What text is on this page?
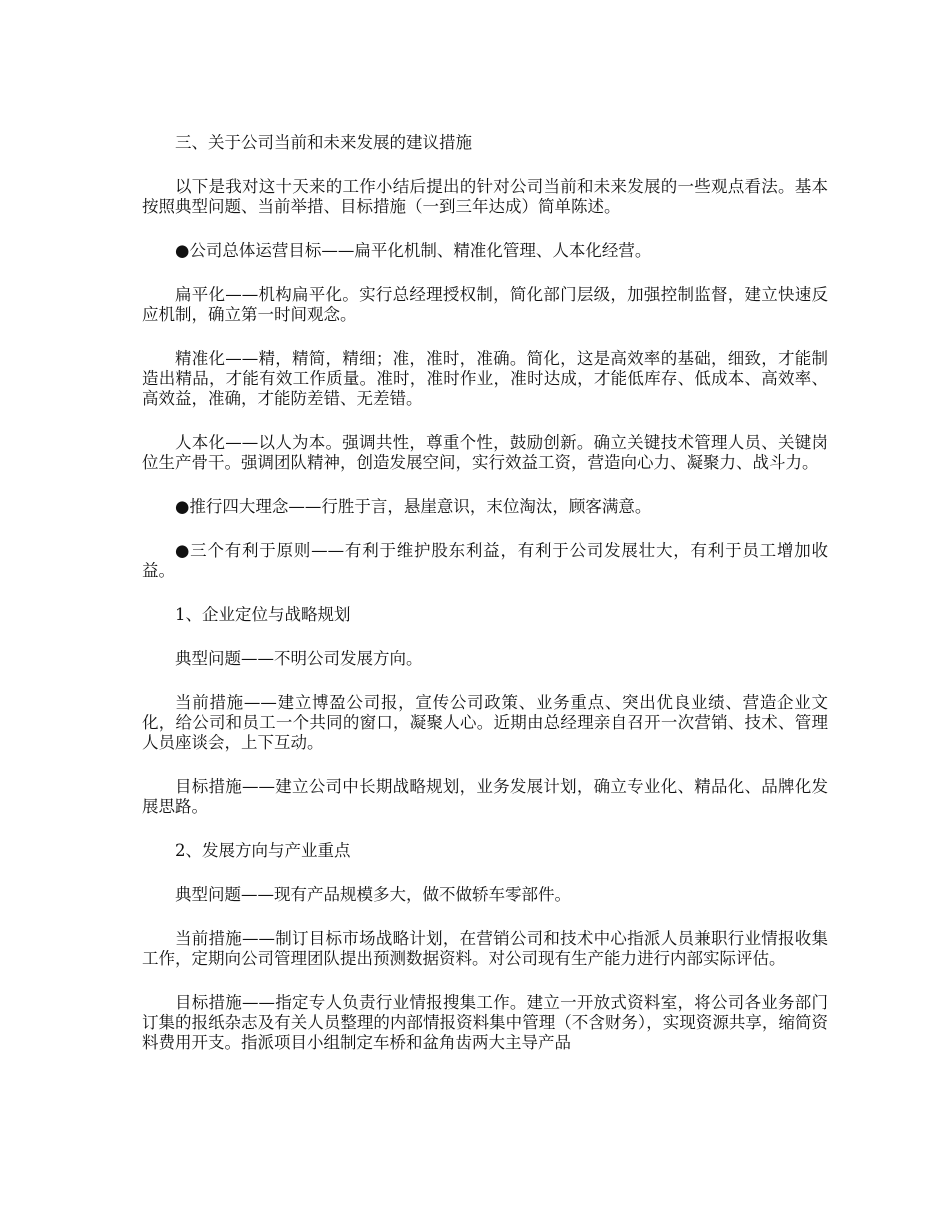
三、关于公司当前和未来发展的建议措施

以下是我对这十天来的工作小结后提出的针对公司当前和未来发展的一些观点看法。基本按照典型问题、当前举措、目标措施（一到三年达成）简单陈述。

●公司总体运营目标——扁平化机制、精准化管理、人本化经营。

扁平化——机构扁平化。实行总经理授权制，简化部门层级，加强控制监督，建立快速反应机制，确立第一时间观念。

精准化——精，精简，精细；准，准时，准确。简化，这是高效率的基础，细致，才能制造出精品，才能有效工作质量。准时，准时作业，准时达成，才能低库存、低成本、高效率、高效益，准确，才能防差错、无差错。

人本化——以人为本。强调共性，尊重个性，鼓励创新。确立关键技术管理人员、关键岗位生产骨干。强调团队精神，创造发展空间，实行效益工资，营造向心力、凝聚力、战斗力。

●推行四大理念——行胜于言，悬崖意识，末位淘汰，顾客满意。

●三个有利于原则——有利于维护股东利益，有利于公司发展壮大，有利于员工增加收益。

1、企业定位与战略规划

典型问题——不明公司发展方向。

当前措施——建立博盈公司报，宣传公司政策、业务重点、突出优良业绩、营造企业文化，给公司和员工一个共同的窗口，凝聚人心。近期由总经理亲自召开一次营销、技术、管理人员座谈会，上下互动。

目标措施——建立公司中长期战略规划，业务发展计划，确立专业化、精品化、品牌化发展思路。

2、发展方向与产业重点

典型问题——现有产品规模多大，做不做轿车零部件。

当前措施——制订目标市场战略计划，在营销公司和技术中心指派人员兼职行业情报收集工作，定期向公司管理团队提出预测数据资料。对公司现有生产能力进行内部实际评估。

目标措施——指定专人负责行业情报搜集工作。建立一开放式资料室，将公司各业务部门订集的报纸杂志及有关人员整理的内部情报资料集中管理（不含财务），实现资源共享，缩简资料费用开支。指派项目小组制定车桥和盆角齿两大主导产品
